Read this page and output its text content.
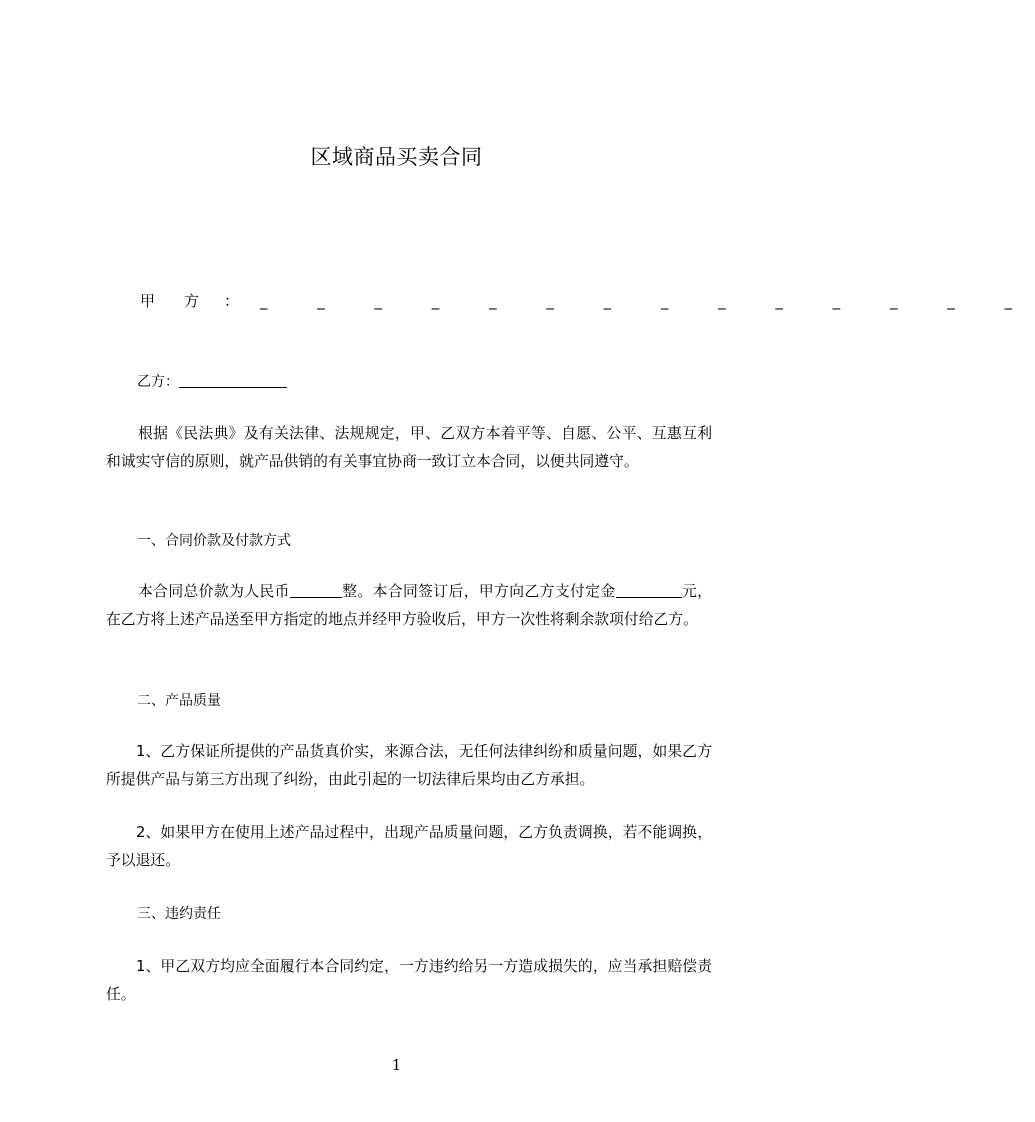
区域商品买卖合同
甲 方 ： _ _ _ _ _ _ _ _ _ _ _ _ _ _
乙方：

根据《民法典》及有关法律、法规规定，甲、乙双方本着平等、自愿、公平、互惠互利和诚实守信的原则，就产品供销的有关事宜协商一致订立本合同，以便共同遵守。

一、合同价款及付款方式

本合同总价款为人民币	整。本合同签订后，甲方向乙方支付定金	元，在乙方将上述产品送至甲方指定的地点并经甲方验收后，甲方一次性将剩余款项付给乙方。

二、产品质量

1、乙方保证所提供的产品货真价实，来源合法，无任何法律纠纷和质量问题，如果乙方所提供产品与第三方出现了纠纷，由此引起的一切法律后果均由乙方承担。

2、如果甲方在使用上述产品过程中，出现产品质量问题，乙方负责调换，若不能调换，予以退还。

三、违约责任

1、甲乙双方均应全面履行本合同约定，一方违约给另一方造成损失的，应当承担赔偿责任。

1
